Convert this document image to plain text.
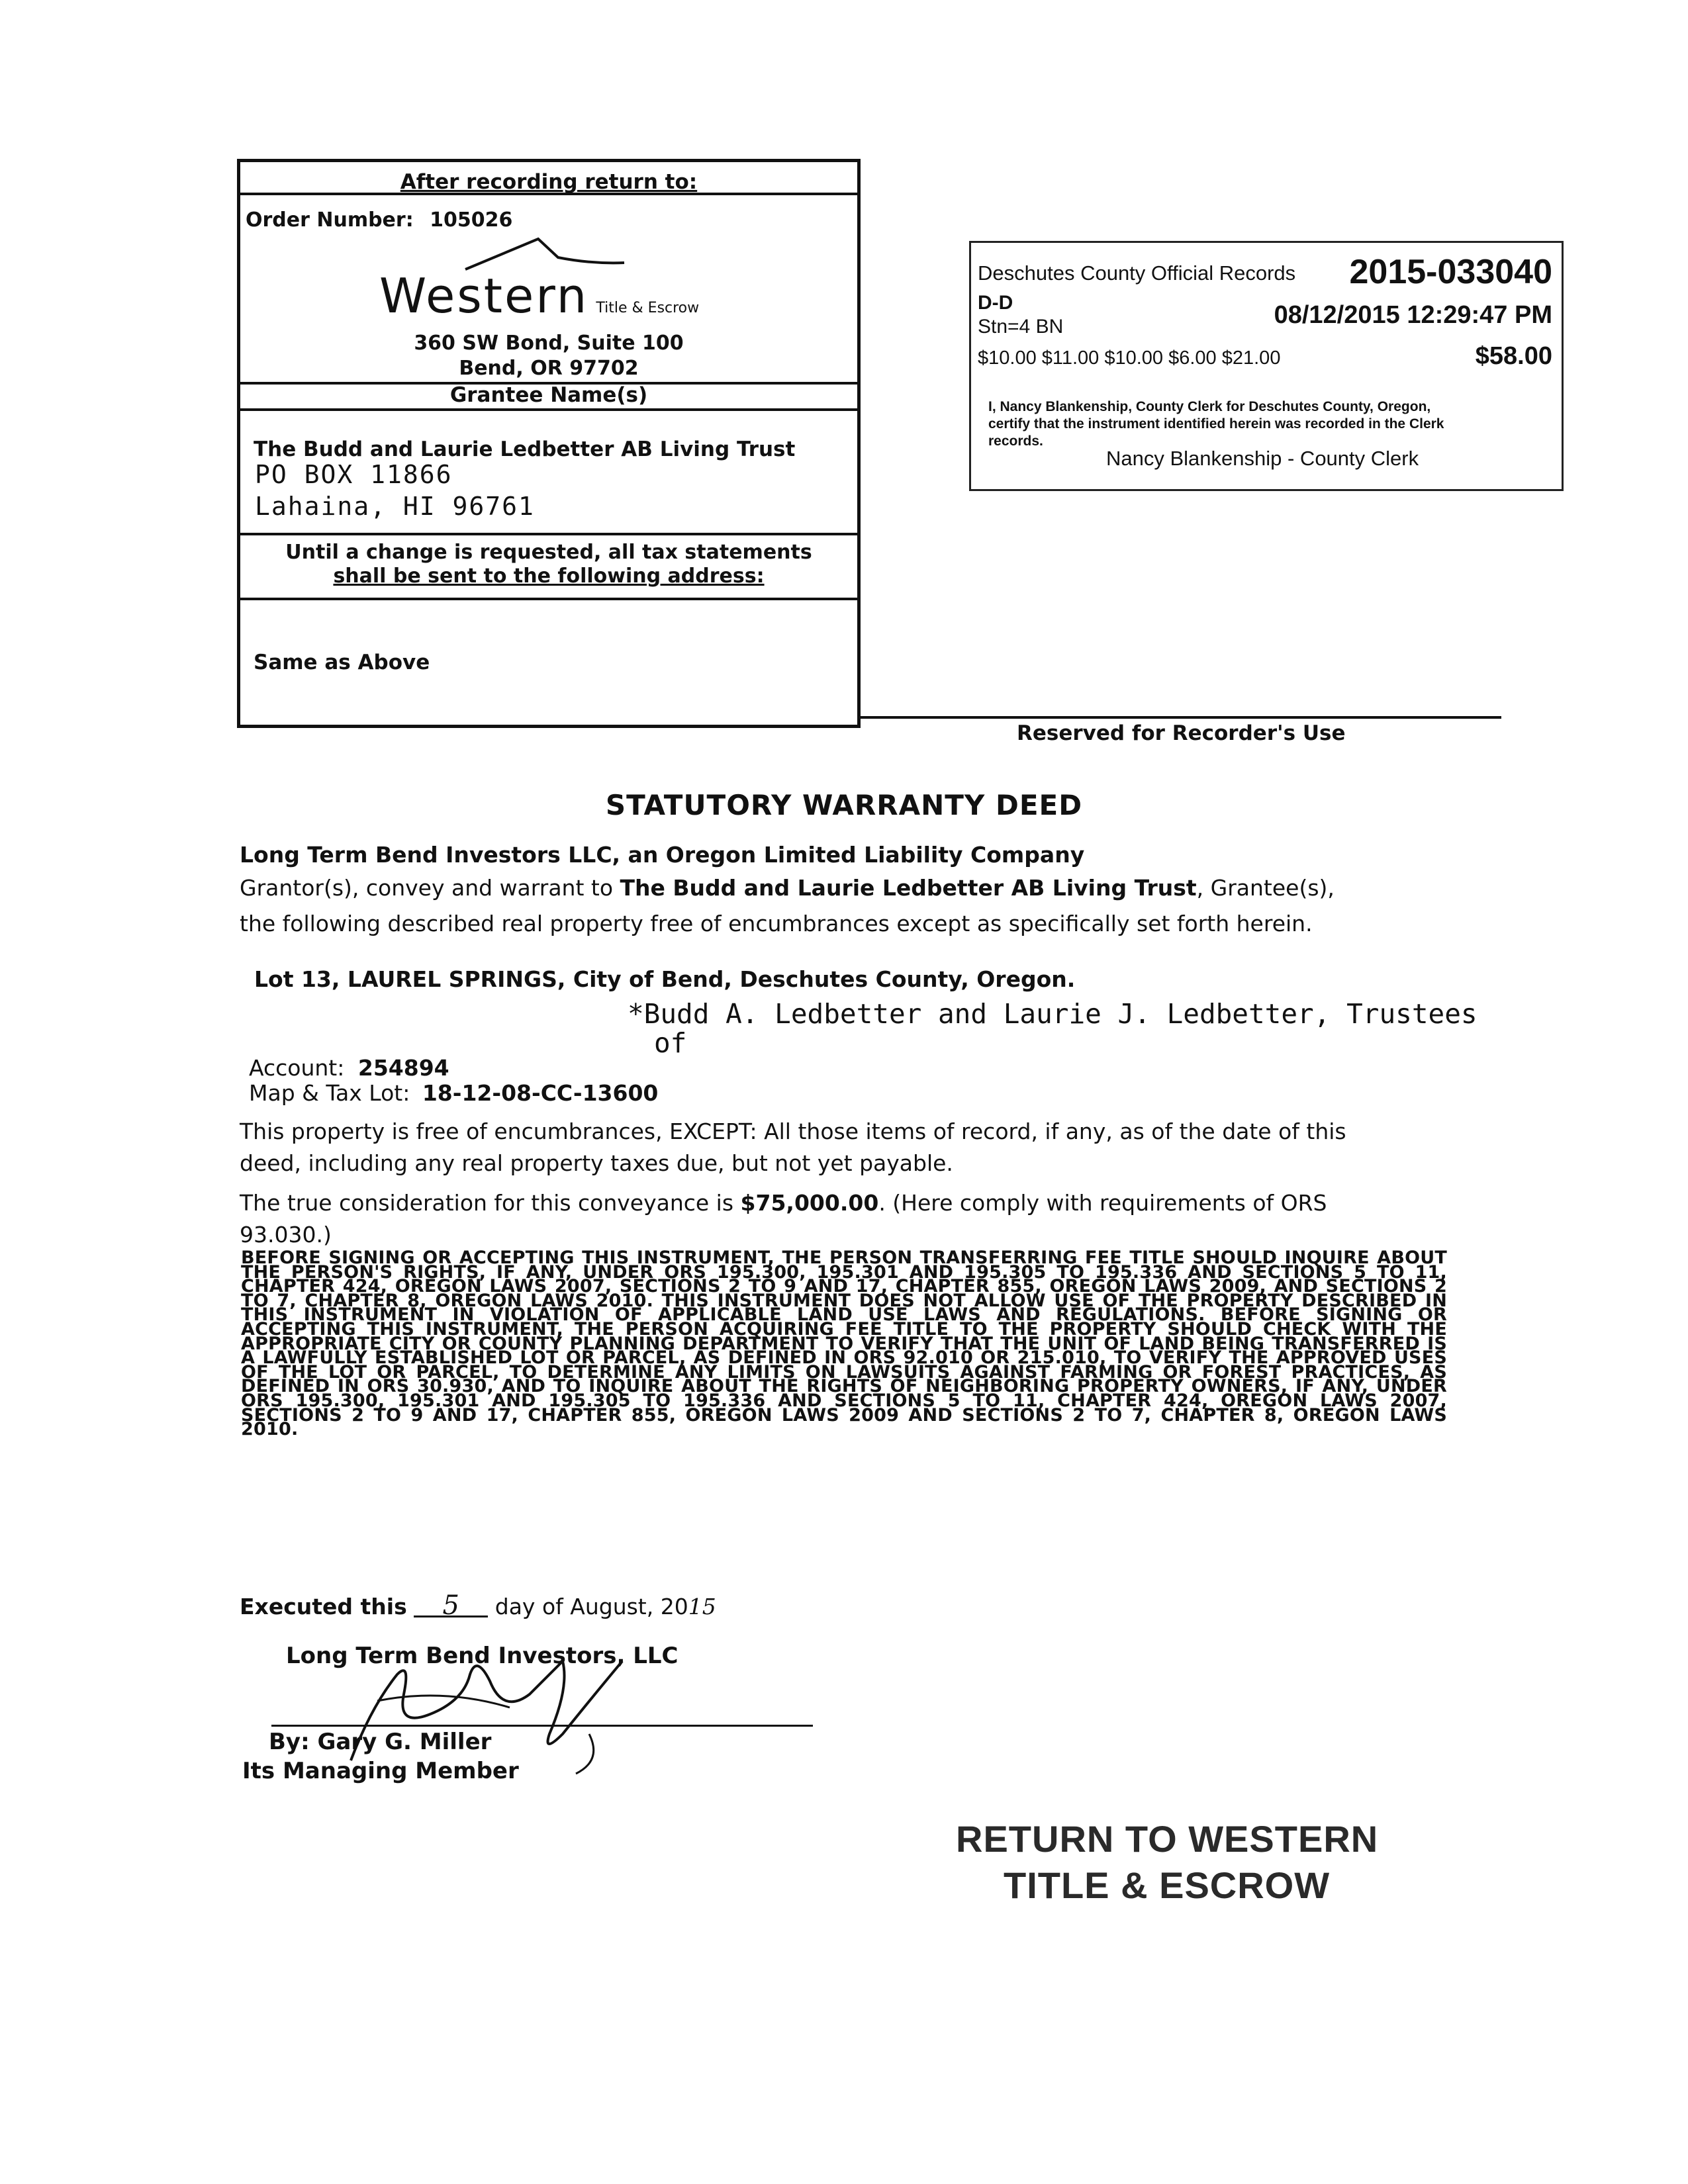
After recording return to:
Order Number: 105026
Western Title & Escrow
360 SW Bond, Suite 100
Bend, OR 97702
Grantee Name(s)
The Budd and Laurie Ledbetter AB Living Trust
PO BOX 11866
Lahaina, HI 96761
Until a change is requested, all tax statements
shall be sent to the following address:
Same as Above
Deschutes County Official Records 2015-033040
D-D	08/12/2015 12:29:47 PM
Stn=4 BN
$10.00 $11.00 $10.00 $6.00 $21.00	$58.00
I, Nancy Blankenship, County Clerk for Deschutes County, Oregon,
certify that the instrument identified herein was recorded in the Clerk
records.
Nancy Blankenship - County Clerk
Reserved for Recorder's Use
STATUTORY WARRANTY DEED
Long Term Bend Investors LLC, an Oregon Limited Liability Company
Grantor(s), convey and warrant to The Budd and Laurie Ledbetter AB Living Trust, Grantee(s),
the following described real property free of encumbrances except as specifically set forth herein.
Lot 13, LAUREL SPRINGS, City of Bend, Deschutes County, Oregon.
*Budd A. Ledbetter and Laurie J. Ledbetter, Trustees
of
Account: 254894
Map & Tax Lot: 18-12-08-CC-13600
This property is free of encumbrances, EXCEPT: All those items of record, if any, as of the date of this
deed, including any real property taxes due, but not yet payable.
The true consideration for this conveyance is $75,000.00. (Here comply with requirements of ORS
93.030.)
BEFORE SIGNING OR ACCEPTING THIS INSTRUMENT, THE PERSON TRANSFERRING FEE TITLE SHOULD INQUIRE ABOUT THE PERSON'S RIGHTS, IF ANY, UNDER ORS 195.300, 195.301 AND 195.305 TO 195.336 AND SECTIONS 5 TO 11, CHAPTER 424, OREGON LAWS 2007, SECTIONS 2 TO 9 AND 17, CHAPTER 855, OREGON LAWS 2009, AND SECTIONS 2 TO 7, CHAPTER 8, OREGON LAWS 2010. THIS INSTRUMENT DOES NOT ALLOW USE OF THE PROPERTY DESCRIBED IN THIS INSTRUMENT IN VIOLATION OF APPLICABLE LAND USE LAWS AND REGULATIONS. BEFORE SIGNING OR ACCEPTING THIS INSTRUMENT, THE PERSON ACQUIRING FEE TITLE TO THE PROPERTY SHOULD CHECK WITH THE APPROPRIATE CITY OR COUNTY PLANNING DEPARTMENT TO VERIFY THAT THE UNIT OF LAND BEING TRANSFERRED IS A LAWFULLY ESTABLISHED LOT OR PARCEL, AS DEFINED IN ORS 92.010 OR 215.010, TO VERIFY THE APPROVED USES OF THE LOT OR PARCEL, TO DETERMINE ANY LIMITS ON LAWSUITS AGAINST FARMING OR FOREST PRACTICES, AS DEFINED IN ORS 30.930, AND TO INQUIRE ABOUT THE RIGHTS OF NEIGHBORING PROPERTY OWNERS, IF ANY, UNDER ORS 195.300, 195.301 AND 195.305 TO 195.336 AND SECTIONS 5 TO 11, CHAPTER 424, OREGON LAWS 2007, SECTIONS 2 TO 9 AND 17, CHAPTER 855, OREGON LAWS 2009 AND SECTIONS 2 TO 7, CHAPTER 8, OREGON LAWS 2010.
Executed this 5 day of August, 2015
Long Term Bend Investors, LLC
By: Gary G. Miller
Its Managing Member
RETURN TO WESTERN
TITLE & ESCROW
